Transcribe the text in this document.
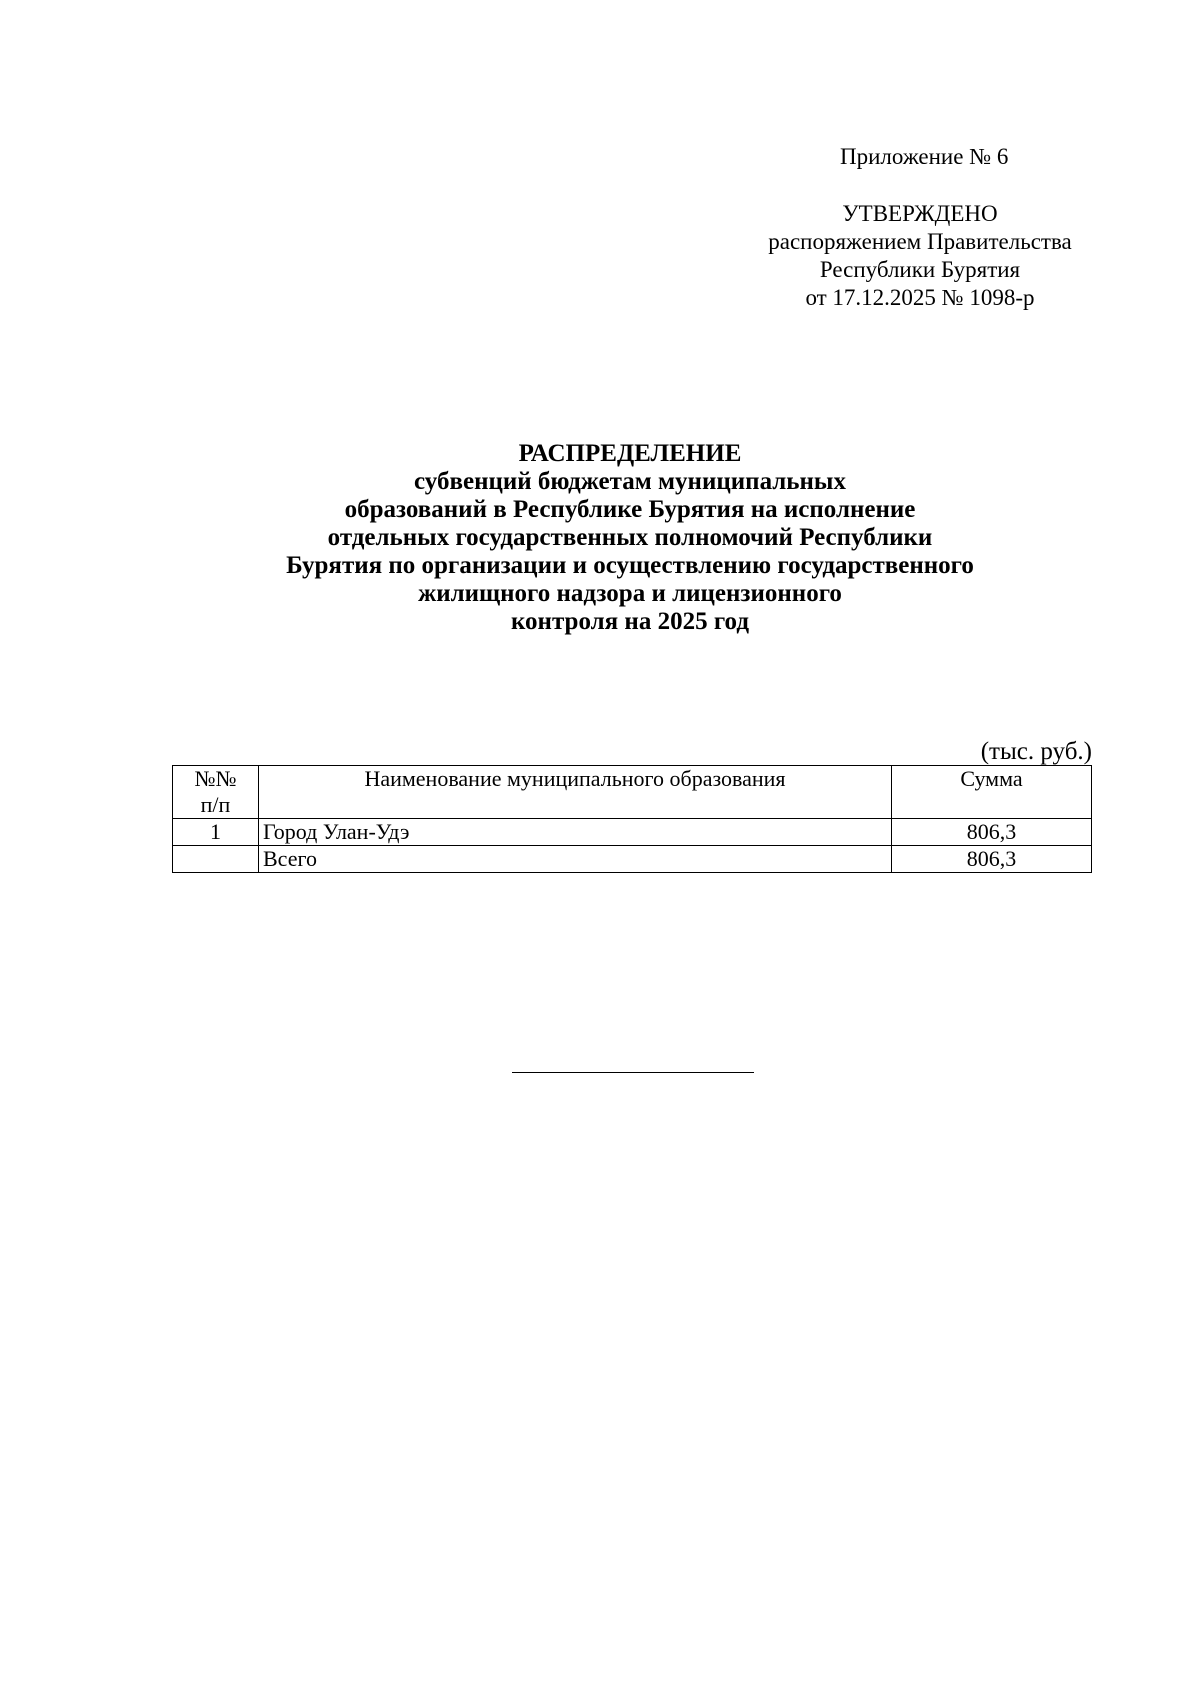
Приложение № 6
УТВЕРЖДЕНО
распоряжением Правительства
Республики Бурятия
от 17.12.2025 № 1098-р
РАСПРЕДЕЛЕНИЕ
субвенций бюджетам муниципальных
образований в Республике Бурятия на исполнение
отдельных государственных полномочий Республики
Бурятия по организации и осуществлению государственного
жилищного надзора и лицензионного
контроля на 2025 год
(тыс. руб.)
№№
п/п	Наименование муниципального образования	Сумма
1	Город Улан-Удэ	806,3
	Всего	806,3
